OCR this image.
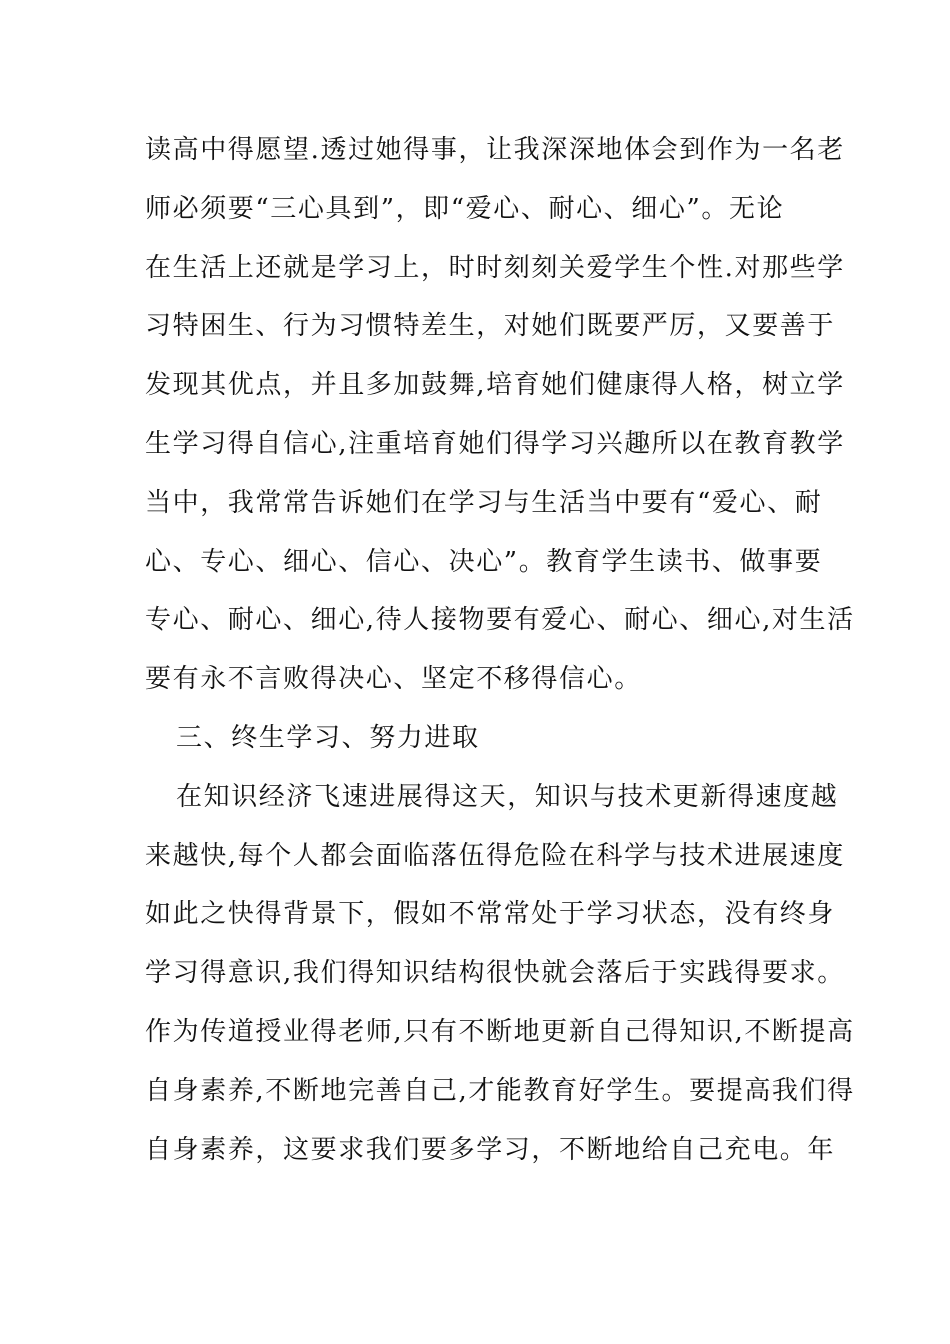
读高中得愿望.透过她得事，让我深深地体会到作为一名老
师必须要“三心具到”，即“爱心、耐心、细心”。无论
在生活上还就是学习上，时时刻刻关爱学生个性.对那些学
习特困生、行为习惯特差生，对她们既要严厉，又要善于
发现其优点，并且多加鼓舞,培育她们健康得人格，树立学
生学习得自信心,注重培育她们得学习兴趣所以在教育教学
当中，我常常告诉她们在学习与生活当中要有“爱心、耐
心、专心、细心、信心、决心”。教育学生读书、做事要
专心、耐心、细心,待人接物要有爱心、耐心、细心,对生活
要有永不言败得决心、坚定不移得信心。
三、终生学习、努力进取
在知识经济飞速进展得这天，知识与技术更新得速度越
来越快,每个人都会面临落伍得危险在科学与技术进展速度
如此之快得背景下，假如不常常处于学习状态，没有终身
学习得意识,我们得知识结构很快就会落后于实践得要求。
作为传道授业得老师,只有不断地更新自己得知识,不断提高
自身素养,不断地完善自己,才能教育好学生。要提高我们得
自身素养，这要求我们要多学习，不断地给自己充电。年
